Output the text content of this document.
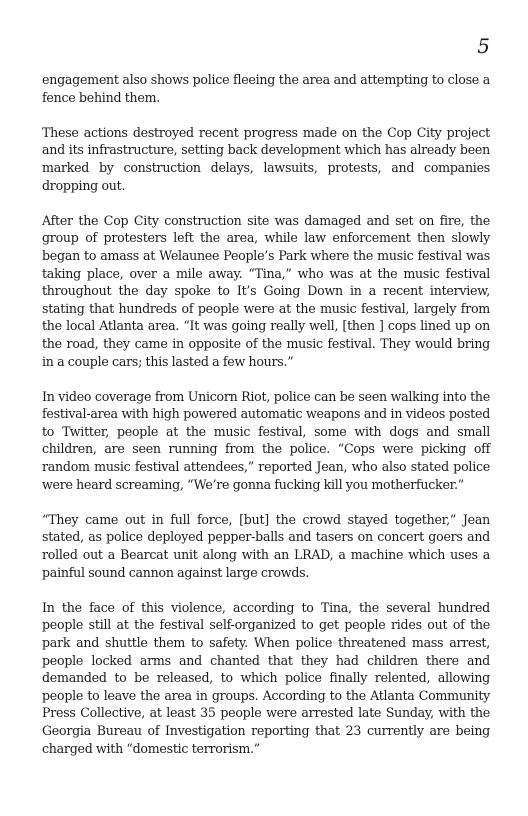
5

engagement also shows police fleeing the area and attempting to close a fence behind them.

These actions destroyed recent progress made on the Cop City project and its infrastructure, setting back development which has already been marked by construction delays, lawsuits, protests, and companies dropping out.

After the Cop City construction site was damaged and set on fire, the group of protesters left the area, while law enforcement then slowly began to amass at Welaunee People’s Park where the music festival was taking place, over a mile away. “Tina,” who was at the music festival throughout the day spoke to It’s Going Down in a recent interview, stating that hundreds of people were at the music festival, largely from the local Atlanta area. “It was going really well, [then ] cops lined up on the road, they came in opposite of the music festival. They would bring in a couple cars; this lasted a few hours.”

In video coverage from Unicorn Riot, police can be seen walking into the festival-area with high powered automatic weapons and in videos posted to Twitter, people at the music festival, some with dogs and small children, are seen running from the police. “Cops were picking off random music festival attendees,” reported Jean, who also stated police were heard screaming, “We’re gonna fucking kill you motherfucker.”

“They came out in full force, [but] the crowd stayed together,” Jean stated, as police deployed pepper-balls and tasers on concert goers and rolled out a Bearcat unit along with an LRAD, a machine which uses a painful sound cannon against large crowds.

In the face of this violence, according to Tina, the several hundred people still at the festival self-organized to get people rides out of the park and shuttle them to safety. When police threatened mass arrest, people locked arms and chanted that they had children there and demanded to be released, to which police finally relented, allowing people to leave the area in groups. According to the Atlanta Community Press Collective, at least 35 people were arrested late Sunday, with the Georgia Bureau of Investigation reporting that 23 currently are being charged with “domestic terrorism.”
